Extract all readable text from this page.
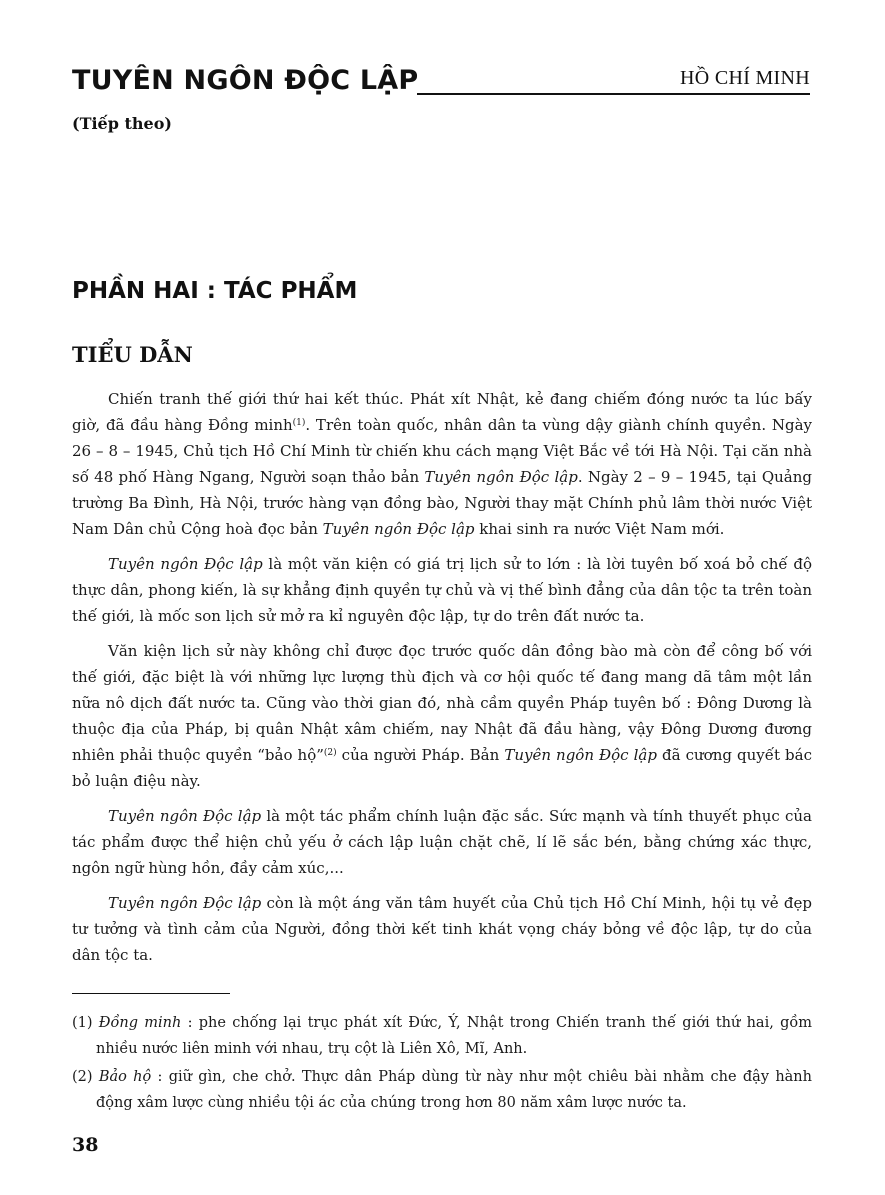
TUYÊN NGÔN ĐỘC LẬP	HỒ CHÍ MINH
(Tiếp theo)
PHẦN HAI : TÁC PHẨM
TIỂU DẪN

Chiến tranh thế giới thứ hai kết thúc. Phát xít Nhật, kẻ đang chiếm đóng nước ta lúc bấy giờ, đã đầu hàng Đồng minh$^{(1)}$. Trên toàn quốc, nhân dân ta vùng dậy giành chính quyền. Ngày 26 – 8 – 1945, Chủ tịch Hồ Chí Minh từ chiến khu cách mạng Việt Bắc về tới Hà Nội. Tại căn nhà số 48 phố Hàng Ngang, Người soạn thảo bản Tuyên ngôn Độc lập. Ngày 2 – 9 – 1945, tại Quảng trường Ba Đình, Hà Nội, trước hàng vạn đồng bào, Người thay mặt Chính phủ lâm thời nước Việt Nam Dân chủ Cộng hoà đọc bản Tuyên ngôn Độc lập khai sinh ra nước Việt Nam mới.

Tuyên ngôn Độc lập là một văn kiện có giá trị lịch sử to lớn : là lời tuyên bố xoá bỏ chế độ thực dân, phong kiến, là sự khẳng định quyền tự chủ và vị thế bình đẳng của dân tộc ta trên toàn thế giới, là mốc son lịch sử mở ra kỉ nguyên độc lập, tự do trên đất nước ta.

Văn kiện lịch sử này không chỉ được đọc trước quốc dân đồng bào mà còn để công bố với thế giới, đặc biệt là với những lực lượng thù địch và cơ hội quốc tế đang mang dã tâm một lần nữa nô dịch đất nước ta. Cũng vào thời gian đó, nhà cầm quyền Pháp tuyên bố : Đông Dương là thuộc địa của Pháp, bị quân Nhật xâm chiếm, nay Nhật đã đầu hàng, vậy Đông Dương đương nhiên phải thuộc quyền “bảo hộ”$^{(2)}$ của người Pháp. Bản Tuyên ngôn Độc lập đã cương quyết bác bỏ luận điệu này.

Tuyên ngôn Độc lập là một tác phẩm chính luận đặc sắc. Sức mạnh và tính thuyết phục của tác phẩm được thể hiện chủ yếu ở cách lập luận chặt chẽ, lí lẽ sắc bén, bằng chứng xác thực, ngôn ngữ hùng hồn, đầy cảm xúc,...

Tuyên ngôn Độc lập còn là một áng văn tâm huyết của Chủ tịch Hồ Chí Minh, hội tụ vẻ đẹp tư tưởng và tình cảm của Người, đồng thời kết tinh khát vọng cháy bỏng về độc lập, tự do của dân tộc ta.

(1) Đồng minh : phe chống lại trục phát xít Đức, Ý, Nhật trong Chiến tranh thế giới thứ hai, gồm nhiều nước liên minh với nhau, trụ cột là Liên Xô, Mĩ, Anh.

(2) Bảo hộ : giữ gìn, che chở. Thực dân Pháp dùng từ này như một chiêu bài nhằm che đậy hành động xâm lược cùng nhiều tội ác của chúng trong hơn 80 năm xâm lược nước ta.

38
